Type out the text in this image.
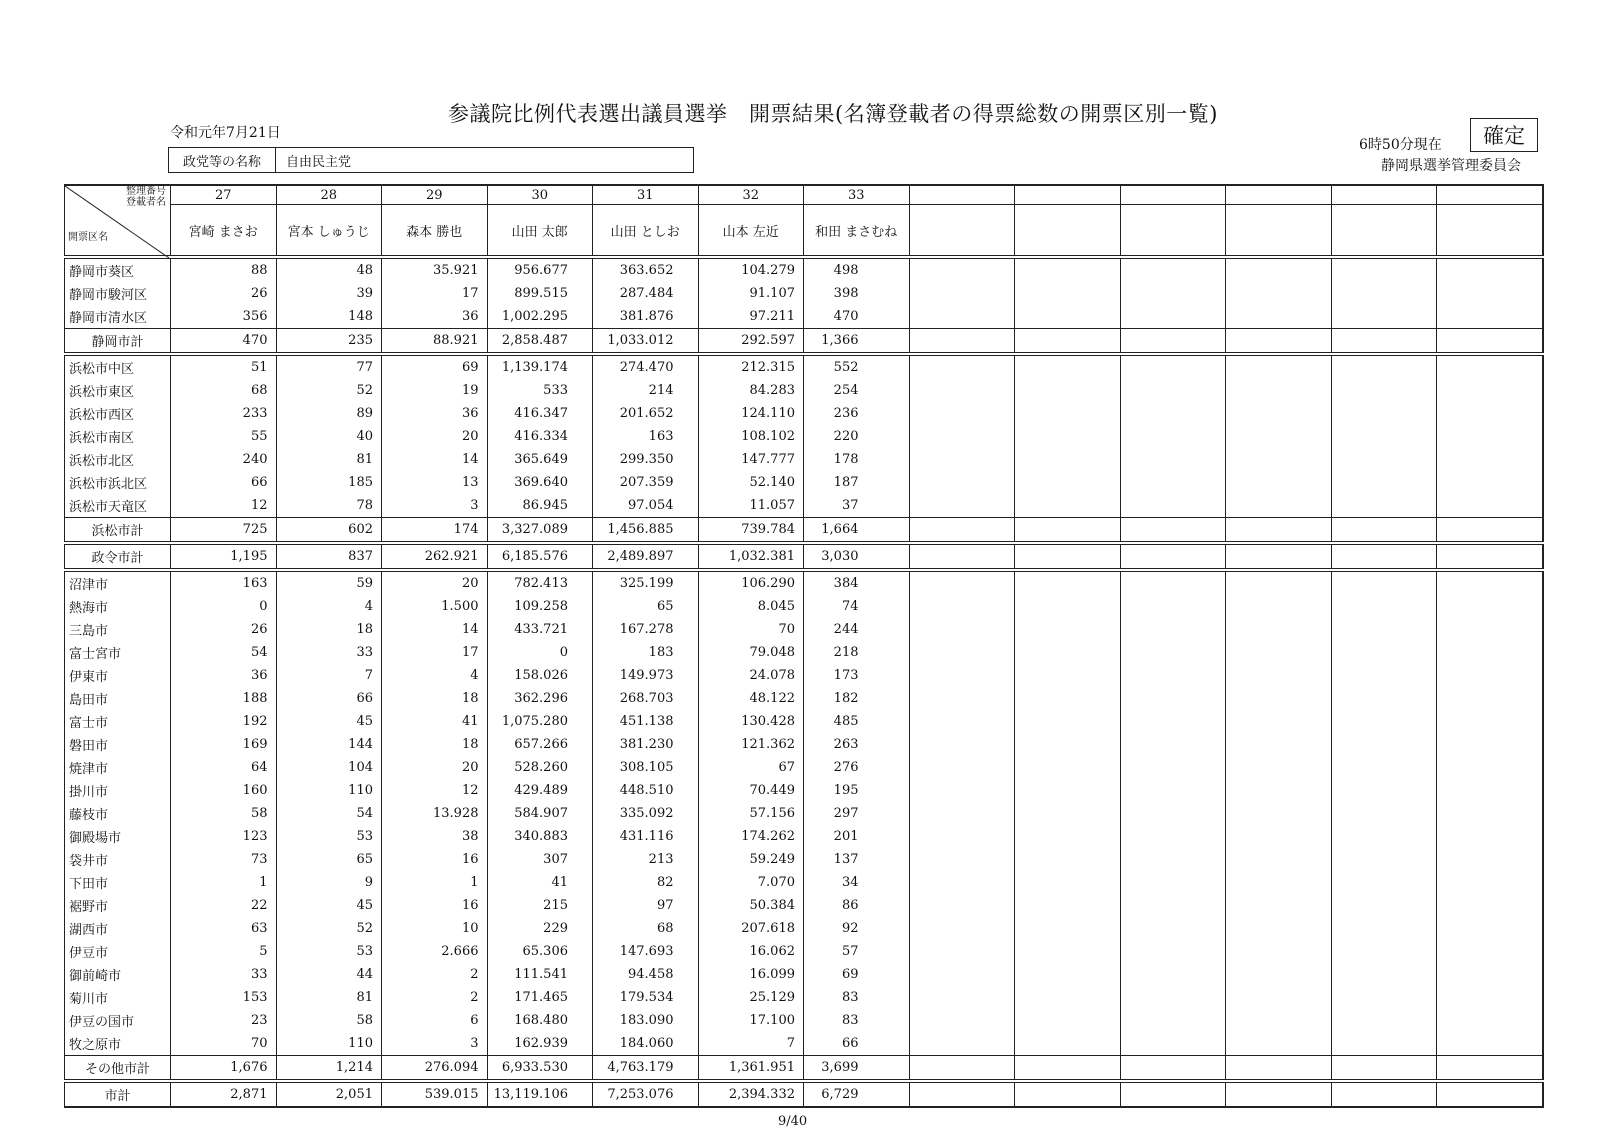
参議院比例代表選出議員選挙　開票結果(名簿登載者の得票総数の開票区別一覧)
令和元年7月21日
政党等の名称	自由民主党
6時50分現在	確定
静岡県選挙管理委員会
整理番号
登載者名
開票区名	27	28	29	30	31	32	33							
	宮崎 まさお	宮本 しゅうじ	森本 勝也	山田 太郎	山田 としお	山本 左近	和田 まさむね							
静岡市葵区	88	48	35.921	956.677	363.652	104.279	498							
静岡市駿河区	26	39	17	899.515	287.484	91.107	398							
静岡市清水区	356	148	36	1,002.295	381.876	97.211	470							
静岡市計	470	235	88.921	2,858.487	1,033.012	292.597	1,366							
浜松市中区	51	77	69	1,139.174	274.470	212.315	552							
浜松市東区	68	52	19	533	214	84.283	254							
浜松市西区	233	89	36	416.347	201.652	124.110	236							
浜松市南区	55	40	20	416.334	163	108.102	220							
浜松市北区	240	81	14	365.649	299.350	147.777	178							
浜松市浜北区	66	185	13	369.640	207.359	52.140	187							
浜松市天竜区	12	78	3	86.945	97.054	11.057	37							
浜松市計	725	602	174	3,327.089	1,456.885	739.784	1,664							
政令市計	1,195	837	262.921	6,185.576	2,489.897	1,032.381	3,030							
沼津市	163	59	20	782.413	325.199	106.290	384							
熱海市	0	4	1.500	109.258	65	8.045	74							
三島市	26	18	14	433.721	167.278	70	244							
富士宮市	54	33	17	0	183	79.048	218							
伊東市	36	7	4	158.026	149.973	24.078	173							
島田市	188	66	18	362.296	268.703	48.122	182							
富士市	192	45	41	1,075.280	451.138	130.428	485							
磐田市	169	144	18	657.266	381.230	121.362	263							
焼津市	64	104	20	528.260	308.105	67	276							
掛川市	160	110	12	429.489	448.510	70.449	195							
藤枝市	58	54	13.928	584.907	335.092	57.156	297							
御殿場市	123	53	38	340.883	431.116	174.262	201							
袋井市	73	65	16	307	213	59.249	137							
下田市	1	9	1	41	82	7.070	34							
裾野市	22	45	16	215	97	50.384	86							
湖西市	63	52	10	229	68	207.618	92							
伊豆市	5	53	2.666	65.306	147.693	16.062	57							
御前崎市	33	44	2	111.541	94.458	16.099	69							
菊川市	153	81	2	171.465	179.534	25.129	83							
伊豆の国市	23	58	6	168.480	183.090	17.100	83							
牧之原市	70	110	3	162.939	184.060	7	66							
その他市計	1,676	1,214	276.094	6,933.530	4,763.179	1,361.951	3,699							
市計	2,871	2,051	539.015	13,119.106	7,253.076	2,394.332	6,729							
9/40
